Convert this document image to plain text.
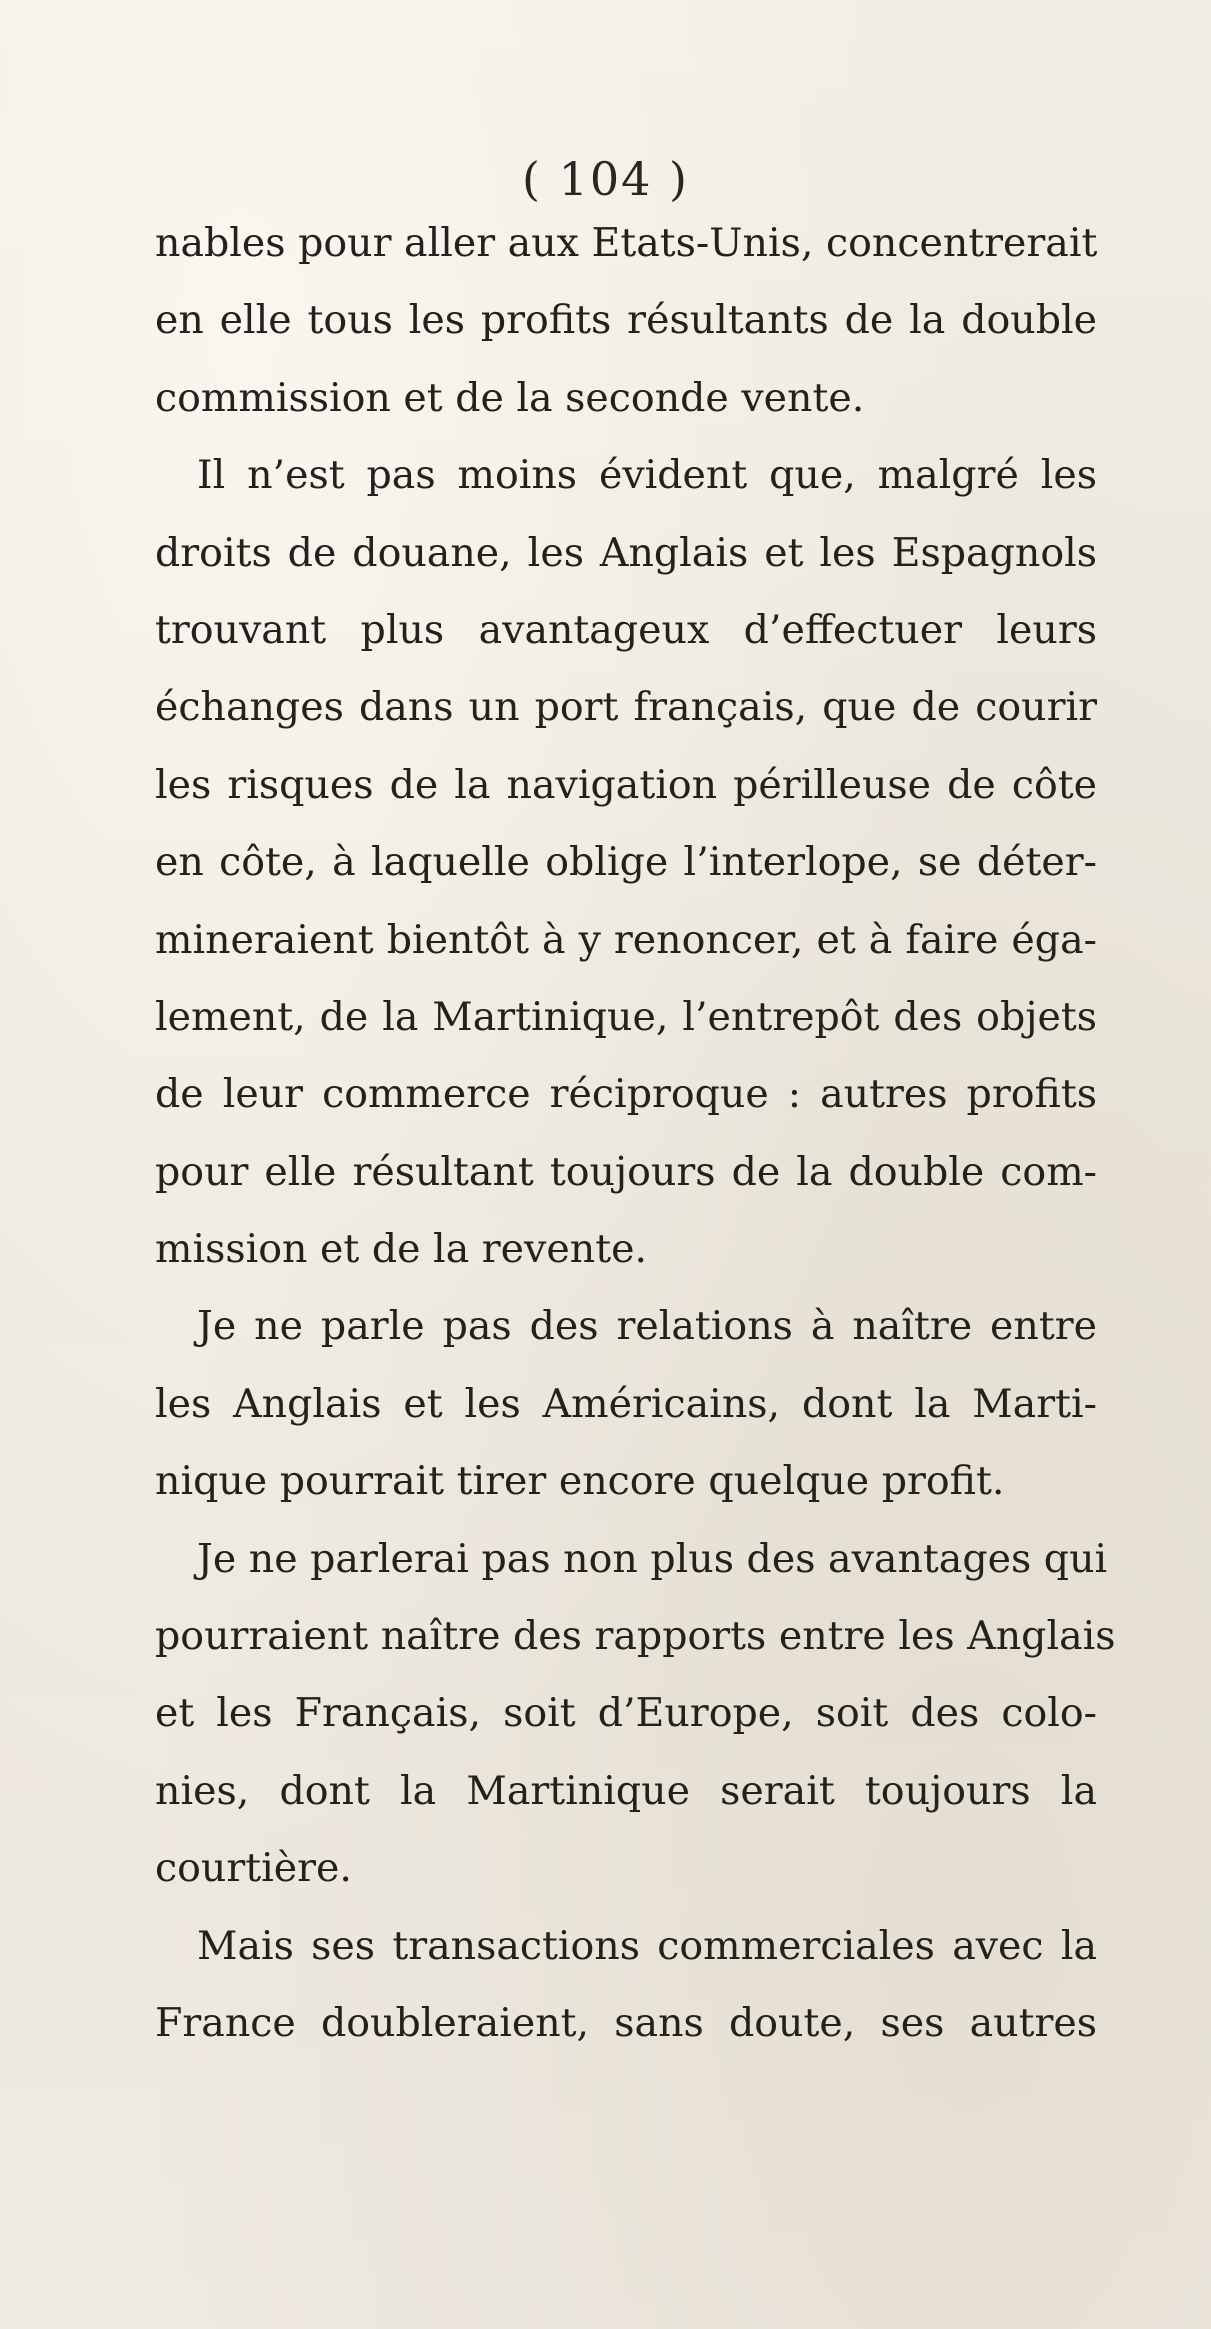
( 104 )
nables pour aller aux Etats-Unis, concentrerait
en elle tous les profits résultants de la double
commission et de la seconde vente.
Il n’est pas moins évident que, malgré les
droits de douane, les Anglais et les Espagnols
trouvant plus avantageux d’effectuer leurs
échanges dans un port français, que de courir
les risques de la navigation périlleuse de côte
en côte, à laquelle oblige l’interlope, se déter-
mineraient bientôt à y renoncer, et à faire éga-
lement, de la Martinique, l’entrepôt des objets
de leur commerce réciproque : autres profits
pour elle résultant toujours de la double com-
mission et de la revente.
Je ne parle pas des relations à naître entre
les Anglais et les Américains, dont la Marti-
nique pourrait tirer encore quelque profit.
Je ne parlerai pas non plus des avantages qui
pourraient naître des rapports entre les Anglais
et les Français, soit d’Europe, soit des colo-
nies, dont la Martinique serait toujours la
courtière.
Mais ses transactions commerciales avec la
France doubleraient, sans doute, ses autres
